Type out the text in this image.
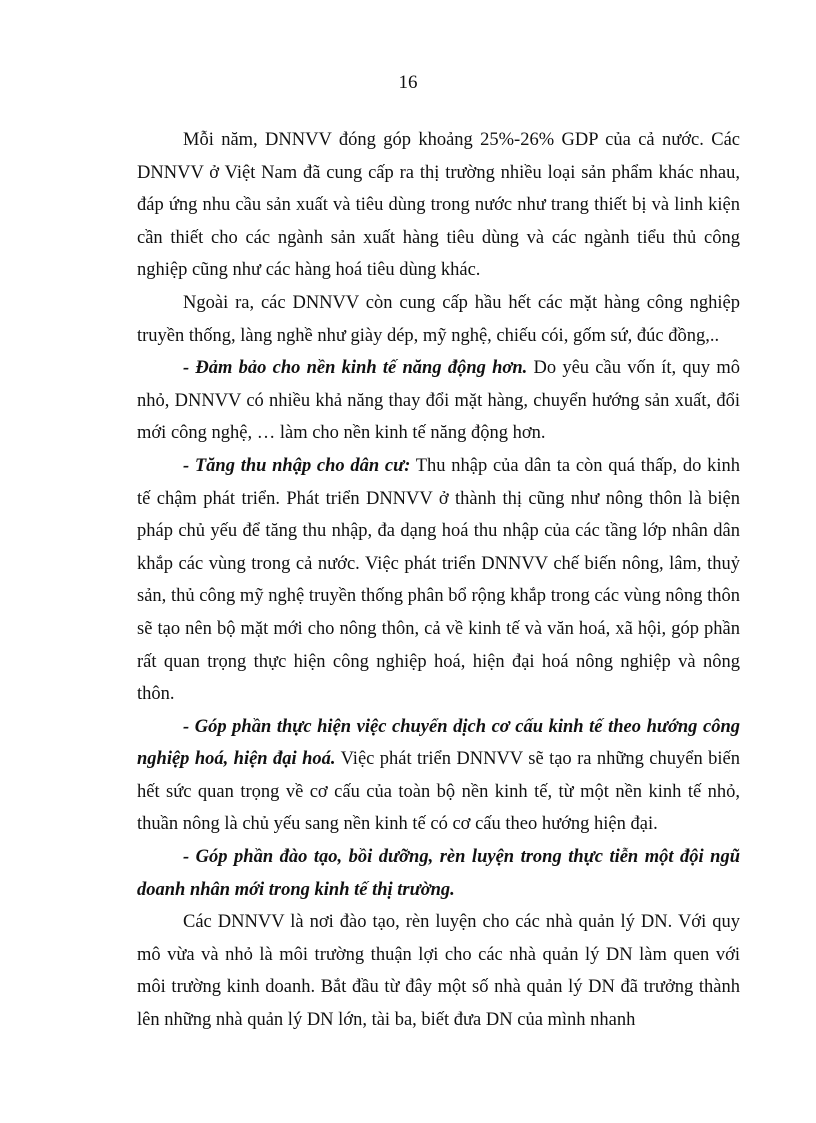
16

Mỗi năm, DNNVV đóng góp khoảng 25%-26% GDP của cả nước. Các DNNVV ở Việt Nam đã cung cấp ra thị trường nhiều loại sản phẩm khác nhau, đáp ứng nhu cầu sản xuất và tiêu dùng trong nước như trang thiết bị và linh kiện cần thiết cho các ngành sản xuất hàng tiêu dùng và các ngành tiểu thủ công nghiệp cũng như các hàng hoá tiêu dùng khác.

Ngoài ra, các DNNVV còn cung cấp hầu hết các mặt hàng công nghiệp truyền thống, làng nghề như giày dép, mỹ nghệ, chiếu cói, gốm sứ, đúc đồng,..

- Đảm bảo cho nền kinh tế năng động hơn. Do yêu cầu vốn ít, quy mô nhỏ, DNNVV có nhiều khả năng thay đổi mặt hàng, chuyển hướng sản xuất, đổi mới công nghệ, … làm cho nền kinh tế năng động hơn.

- Tăng thu nhập cho dân cư: Thu nhập của dân ta còn quá thấp, do kinh tế chậm phát triển. Phát triển DNNVV ở thành thị cũng như nông thôn là biện pháp chủ yếu để tăng thu nhập, đa dạng hoá thu nhập của các tầng lớp nhân dân khắp các vùng trong cả nước. Việc phát triển DNNVV chế biến nông, lâm, thuỷ sản, thủ công mỹ nghệ truyền thống phân bổ rộng khắp trong các vùng nông thôn sẽ tạo nên bộ mặt mới cho nông thôn, cả về kinh tế và văn hoá, xã hội, góp phần rất quan trọng thực hiện công nghiệp hoá, hiện đại hoá nông nghiệp và nông thôn.

- Góp phần thực hiện việc chuyển dịch cơ cấu kinh tế theo hướng công nghiệp hoá, hiện đại hoá. Việc phát triển DNNVV sẽ tạo ra những chuyển biến hết sức quan trọng về cơ cấu của toàn bộ nền kinh tế, từ một nền kinh tế nhỏ, thuần nông là chủ yếu sang nền kinh tế có cơ cấu theo hướng hiện đại.

- Góp phần đào tạo, bồi dưỡng, rèn luyện trong thực tiễn một đội ngũ doanh nhân mới trong kinh tế thị trường.

Các DNNVV là nơi đào tạo, rèn luyện cho các nhà quản lý DN. Với quy mô vừa và nhỏ là môi trường thuận lợi cho các nhà quản lý DN làm quen với môi trường kinh doanh. Bắt đầu từ đây một số nhà quản lý DN đã trưởng thành lên những nhà quản lý DN lớn, tài ba, biết đưa DN của mình nhanh
